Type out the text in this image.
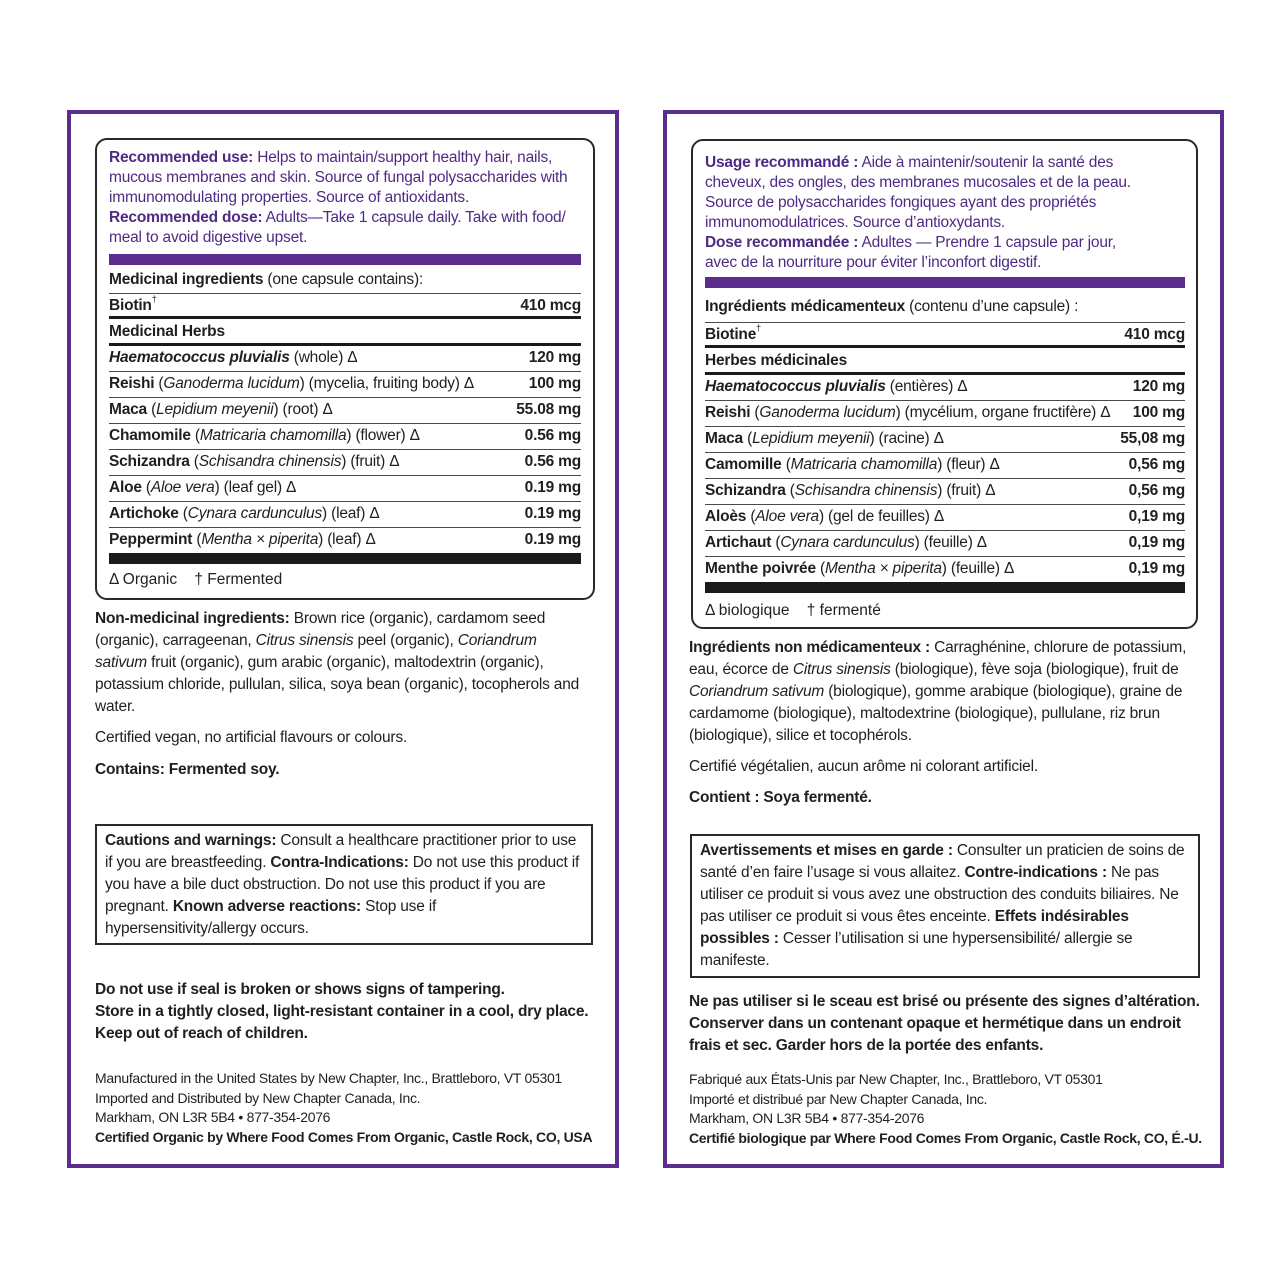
Recommended use: Helps to maintain/support healthy hair, nails, mucous membranes and skin. Source of fungal polysaccharides with immunomodulating properties. Source of antioxidants.
Recommended dose: Adults—Take 1 capsule daily. Take with food/ meal to avoid digestive upset.
Medicinal ingredients (one capsule contains):
Biotin†	410 mcg
Medicinal Herbs
Haematococcus pluvialis (whole) Δ	120 mg
Reishi (Ganoderma lucidum) (mycelia, fruiting body) Δ	100 mg
Maca (Lepidium meyenii) (root) Δ	55.08 mg
Chamomile (Matricaria chamomilla) (flower) Δ	0.56 mg
Schizandra (Schisandra chinensis) (fruit) Δ	0.56 mg
Aloe (Aloe vera) (leaf gel) Δ	0.19 mg
Artichoke (Cynara cardunculus) (leaf) Δ	0.19 mg
Peppermint (Mentha × piperita) (leaf) Δ	0.19 mg
Δ Organic † Fermented
Non-medicinal ingredients: Brown rice (organic), cardamom seed (organic), carrageenan, Citrus sinensis peel (organic), Coriandrum sativum fruit (organic), gum arabic (organic), maltodextrin (organic), potassium chloride, pullulan, silica, soya bean (organic), tocopherols and water.
Certified vegan, no artificial flavours or colours.
Contains: Fermented soy.
Cautions and warnings: Consult a healthcare practitioner prior to use if you are breastfeeding. Contra-Indications: Do not use this product if you have a bile duct obstruction. Do not use this product if you are pregnant. Known adverse reactions: Stop use if hypersensitivity/allergy occurs.
Do not use if seal is broken or shows signs of tampering.
Store in a tightly closed, light-resistant container in a cool, dry place.
Keep out of reach of children.
Manufactured in the United States by New Chapter, Inc., Brattleboro, VT 05301
Imported and Distributed by New Chapter Canada, Inc.
Markham, ON L3R 5B4 • 877-354-2076
Certified Organic by Where Food Comes From Organic, Castle Rock, CO, USA
Usage recommandé : Aide à maintenir/soutenir la santé des cheveux, des ongles, des membranes mucosales et de la peau. Source de polysaccharides fongiques ayant des propriétés immunomodulatrices. Source d’antioxydants.
Dose recommandée : Adultes — Prendre 1 capsule par jour, avec de la nourriture pour éviter l’inconfort digestif.
Ingrédients médicamenteux (contenu d’une capsule) :
Biotine†	410 mcg
Herbes médicinales
Haematococcus pluvialis (entières) Δ	120 mg
Reishi (Ganoderma lucidum) (mycélium, organe fructifère) Δ 100 mg
Maca (Lepidium meyenii) (racine) Δ	55,08 mg
Camomille (Matricaria chamomilla) (fleur) Δ	0,56 mg
Schizandra (Schisandra chinensis) (fruit) Δ	0,56 mg
Aloès (Aloe vera) (gel de feuilles) Δ	0,19 mg
Artichaut (Cynara cardunculus) (feuille) Δ	0,19 mg
Menthe poivrée (Mentha × piperita) (feuille) Δ	0,19 mg
Δ biologique † fermenté
Ingrédients non médicamenteux : Carraghénine, chlorure de potassium, eau, écorce de Citrus sinensis (biologique), fève soja (biologique), fruit de Coriandrum sativum (biologique), gomme arabique (biologique), graine de cardamome (biologique), maltodextrine (biologique), pullulane, riz brun (biologique), silice et tocophérols.
Certifié végétalien, aucun arôme ni colorant artificiel.
Contient : Soya fermenté.
Avertissements et mises en garde : Consulter un praticien de soins de santé d’en faire l’usage si vous allaitez. Contre-indications : Ne pas utiliser ce produit si vous avez une obstruction des conduits biliaires. Ne pas utiliser ce produit si vous êtes enceinte. Effets indésirables possibles : Cesser l’utilisation si une hypersensibilité/ allergie se manifeste.
Ne pas utiliser si le sceau est brisé ou présente des signes d’altération.
Conserver dans un contenant opaque et hermétique dans un endroit frais et sec. Garder hors de la portée des enfants.
Fabriqué aux États-Unis par New Chapter, Inc., Brattleboro, VT 05301
Importé et distribué par New Chapter Canada, Inc.
Markham, ON L3R 5B4 • 877-354-2076
Certifié biologique par Where Food Comes From Organic, Castle Rock, CO, É.-U.
